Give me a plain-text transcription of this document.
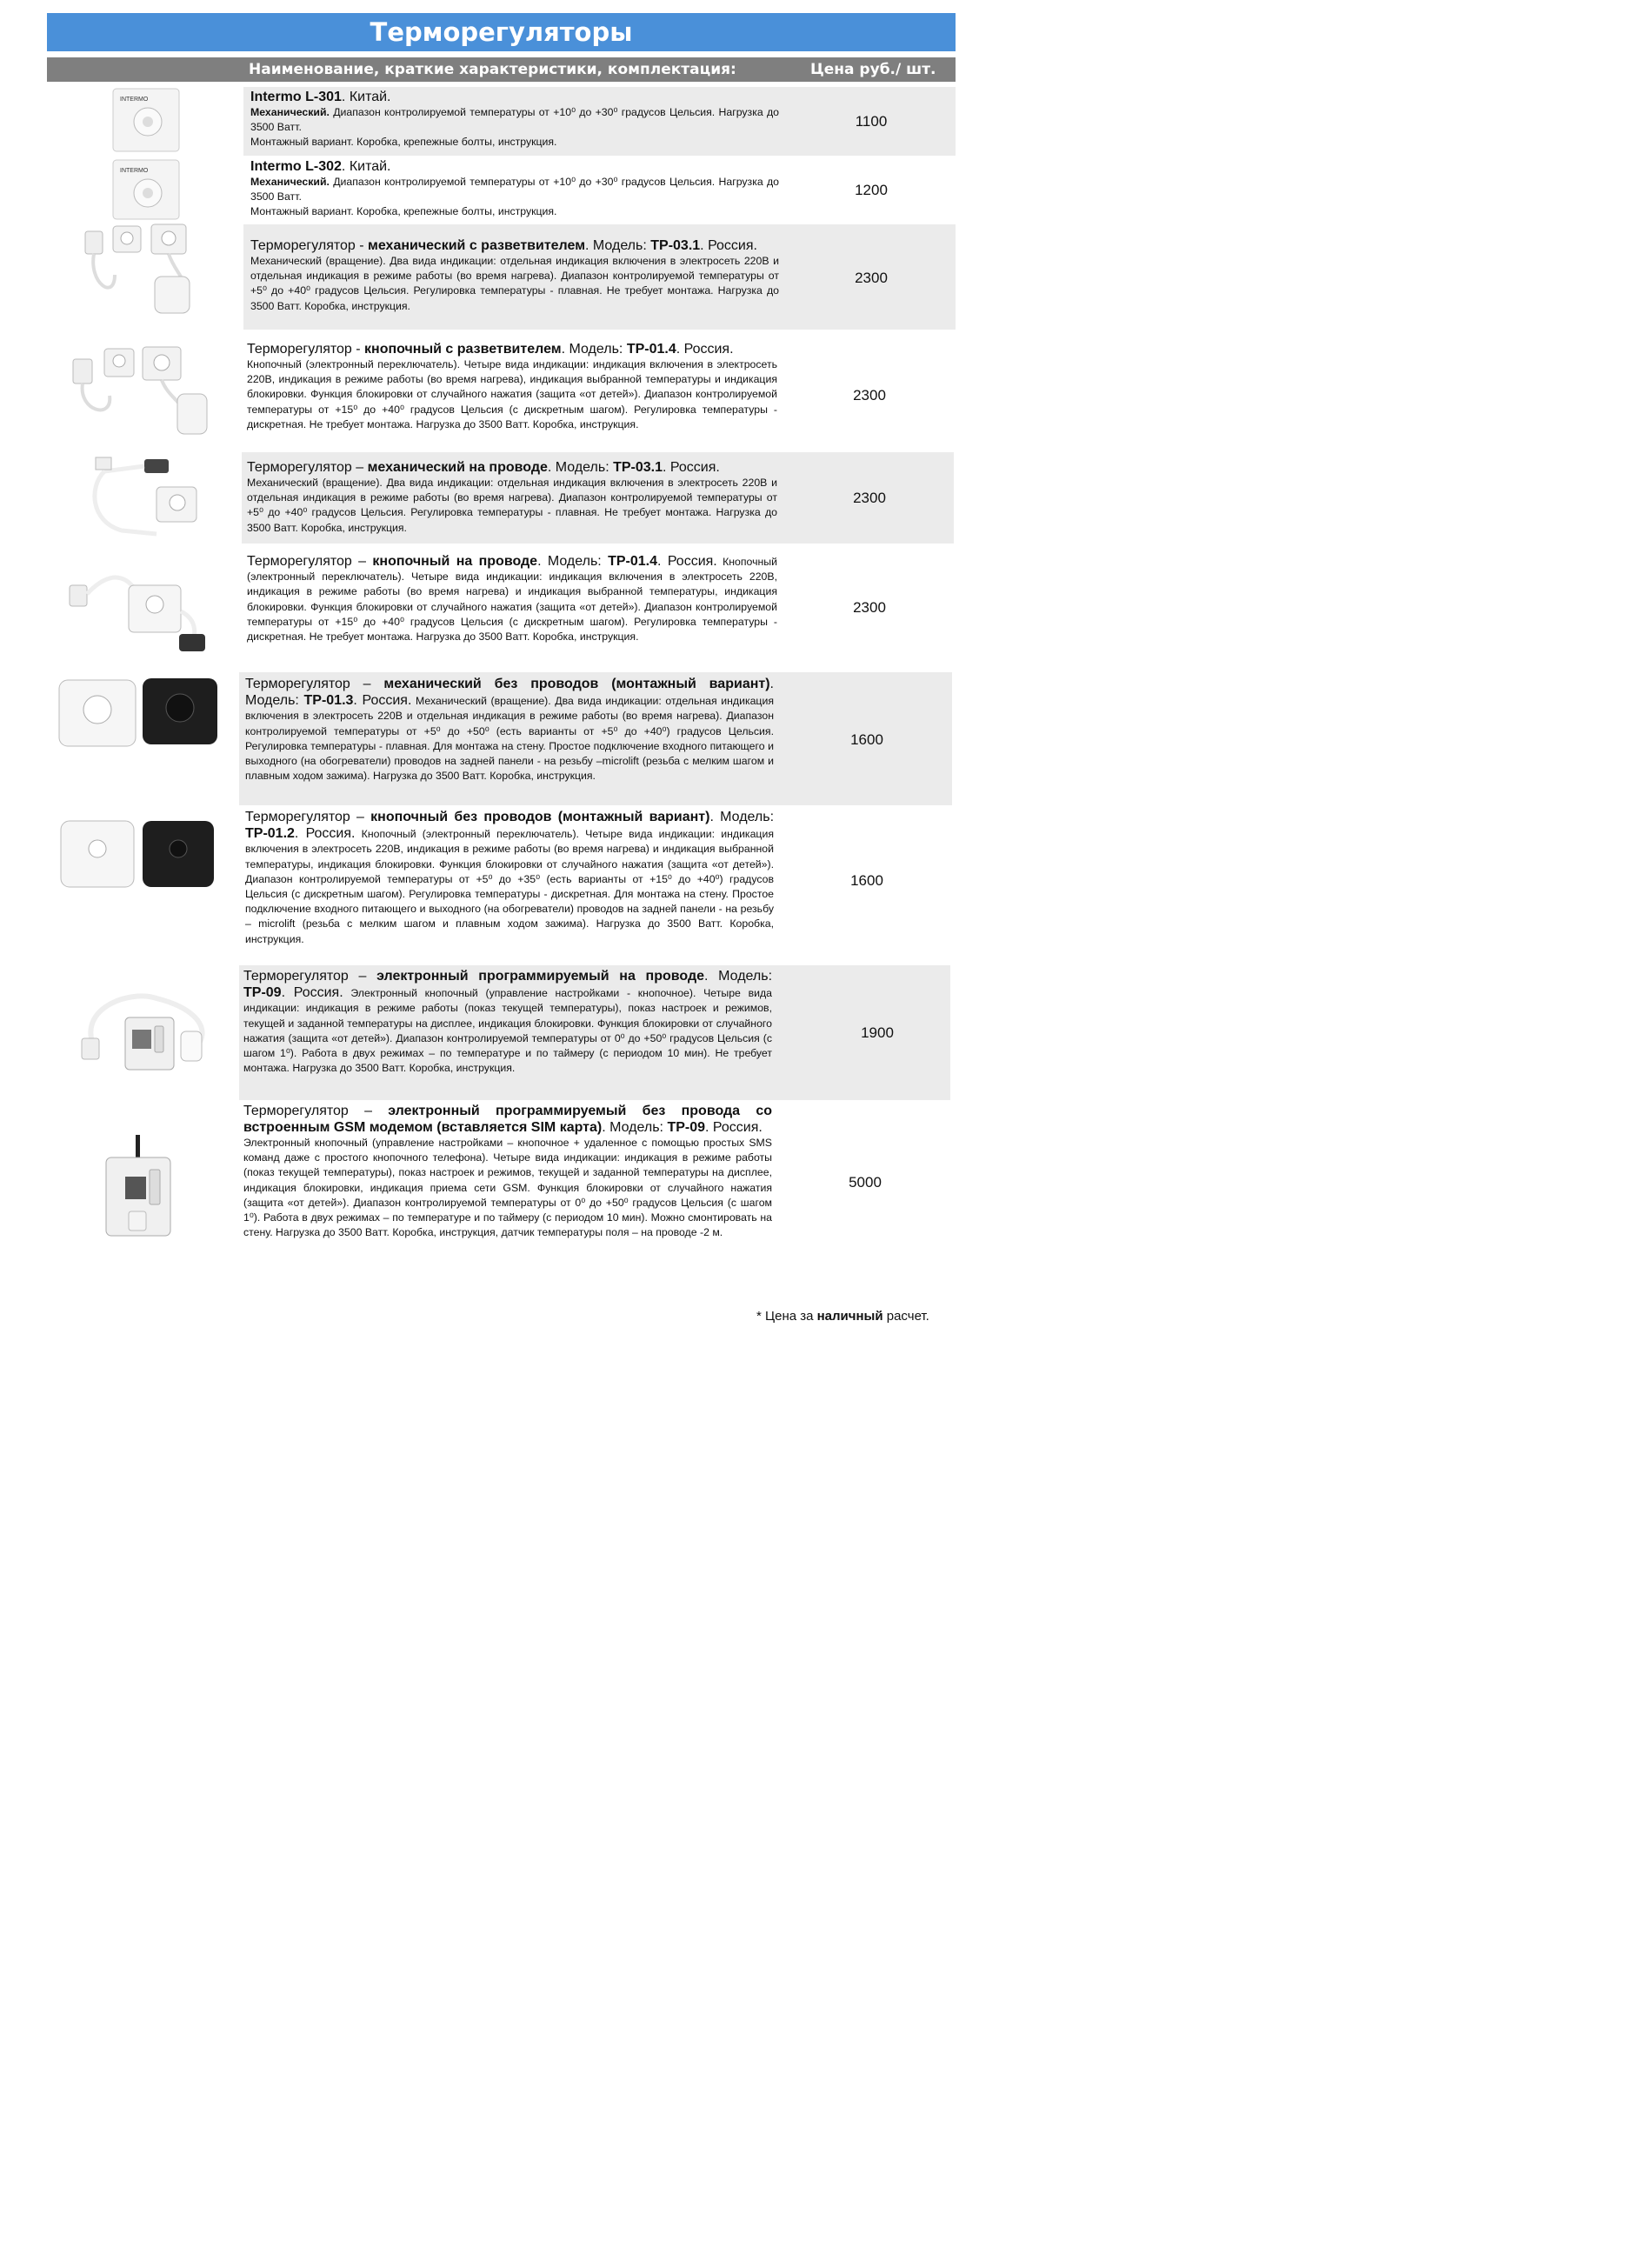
Терморегуляторы
Наименование, краткие характеристики, комплектация:	Цена руб./ шт.
INTERMO	Intermo L-301. Китай.
Механический. Диапазон контролируемой температуры от +10⁰ до +30⁰ градусов Цельсия. Нагрузка до 3500 Ватт.
Монтажный вариант. Коробка, крепежные болты, инструкция.
1100
INTERMO	Intermo L-302. Китай.
Механический. Диапазон контролируемой температуры от +10⁰ до +30⁰ градусов Цельсия. Нагрузка до 3500 Ватт.
Монтажный вариант. Коробка, крепежные болты, инструкция.
1200
Терморегулятор - механический с разветвителем. Модель: ТР-03.1. Россия.
Механический (вращение). Два вида индикации: отдельная индикация включения в электросеть 220В и отдельная индикация в режиме работы (во время нагрева). Диапазон контролируемой температуры от +5⁰ до +40⁰ градусов Цельсия. Регулировка температуры - плавная. Не требует монтажа. Нагрузка до 3500 Ватт. Коробка, инструкция.
2300
Терморегулятор - кнопочный с разветвителем. Модель: ТР-01.4. Россия.
Кнопочный (электронный переключатель). Четыре вида индикации: индикация включения в электросеть 220В, индикация в режиме работы (во время нагрева), индикация выбранной температуры и индикация блокировки. Функция блокировки от случайного нажатия (защита «от детей»). Диапазон контролируемой температуры от +15⁰ до +40⁰ градусов Цельсия (с дискретным шагом). Регулировка температуры - дискретная. Не требует монтажа. Нагрузка до 3500 Ватт. Коробка, инструкция.
2300
Терморегулятор – механический на проводе. Модель: ТР-03.1. Россия.
Механический (вращение). Два вида индикации: отдельная индикация включения в электросеть 220В и отдельная индикация в режиме работы (во время нагрева). Диапазон контролируемой температуры от +5⁰ до +40⁰ градусов Цельсия. Регулировка температуры - плавная. Не требует монтажа. Нагрузка до 3500 Ватт. Коробка, инструкция.
2300
Терморегулятор – кнопочный на проводе. Модель: ТР-01.4. Россия. Кнопочный (электронный переключатель). Четыре вида индикации: индикация включения в электросеть 220В, индикация в режиме работы (во время нагрева) и индикация выбранной температуры, индикация блокировки. Функция блокировки от случайного нажатия (защита «от детей»). Диапазон контролируемой температуры от +15⁰ до +40⁰ градусов Цельсия (с дискретным шагом). Регулировка температуры - дискретная. Не требует монтажа. Нагрузка до 3500 Ватт. Коробка, инструкция.
2300
Терморегулятор – механический без проводов (монтажный вариант). Модель: ТР-01.3. Россия. Механический (вращение). Два вида индикации: отдельная индикация включения в электросеть 220В и отдельная индикация в режиме работы (во время нагрева). Диапазон контролируемой температуры от +5⁰ до +50⁰ (есть варианты от +5⁰ до +40⁰) градусов Цельсия. Регулировка температуры - плавная. Для монтажа на стену. Простое подключение входного питающего и выходного (на обогреватели) проводов на задней панели - на резьбу –microlift (резьба с мелким шагом и плавным ходом зажима). Нагрузка до 3500 Ватт. Коробка, инструкция.
1600
Терморегулятор – кнопочный без проводов (монтажный вариант). Модель: ТР-01.2. Россия. Кнопочный (электронный переключатель). Четыре вида индикации: индикация включения в электросеть 220В, индикация в режиме работы (во время нагрева) и индикация выбранной температуры, индикация блокировки. Функция блокировки от случайного нажатия (защита «от детей»). Диапазон контролируемой температуры от +5⁰ до +35⁰ (есть варианты от +15⁰ до +40⁰) градусов Цельсия (с дискретным шагом). Регулировка температуры - дискретная. Для монтажа на стену. Простое подключение входного питающего и выходного (на обогреватели) проводов на задней панели - на резьбу – microlift (резьба с мелким шагом и плавным ходом зажима). Нагрузка до 3500 Ватт. Коробка, инструкция.
1600
Терморегулятор – электронный программируемый на проводе. Модель: ТР-09. Россия. Электронный кнопочный (управление настройками - кнопочное). Четыре вида индикации: индикация в режиме работы (показ текущей температуры), показ настроек и режимов, текущей и заданной температуры на дисплее, индикация блокировки. Функция блокировки от случайного нажатия (защита «от детей»). Диапазон контролируемой температуры от 0⁰ до +50⁰ градусов Цельсия (с шагом 1⁰). Работа в двух режимах – по температуре и по таймеру (с периодом 10 мин). Не требует монтажа. Нагрузка до 3500 Ватт. Коробка, инструкция.
1900
Терморегулятор – электронный программируемый без провода со встроенным GSM модемом (вставляется SIM карта). Модель: ТР-09. Россия.
Электронный кнопочный (управление настройками – кнопочное + удаленное с помощью простых SMS команд даже с простого кнопочного телефона). Четыре вида индикации: индикация в режиме работы (показ текущей температуры), показ настроек и режимов, текущей и заданной температуры на дисплее, индикация блокировки, индикация приема сети GSM. Функция блокировки от случайного нажатия (защита «от детей»). Диапазон контролируемой температуры от 0⁰ до +50⁰ градусов Цельсия (с шагом 1⁰). Работа в двух режимах – по температуре и по таймеру (с периодом 10 мин). Можно смонтировать на стену. Нагрузка до 3500 Ватт. Коробка, инструкция, датчик температуры поля – на проводе -2 м.
5000
* Цена за наличный расчет.
